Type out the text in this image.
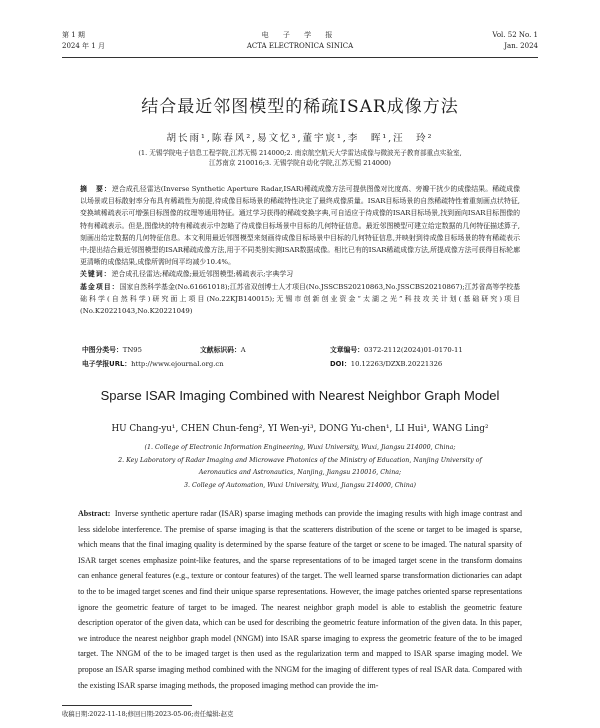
第 1 期
2024 年 1 月
电 子 学 报
ACTA ELECTRONICA SINICA
Vol. 52 No. 1
Jan. 2024
结合最近邻图模型的稀疏ISAR成像方法
胡长雨¹,陈春风²,易文忆³,董宇宸¹,李　晖¹,汪　玲²
(1. 无锡学院电子信息工程学院,江苏无锡 214000;2. 南京航空航天大学雷达成像与微波光子教育部重点实验室,
江苏南京 210016;3. 无锡学院自动化学院,江苏无锡 214000)
摘　要：逆合成孔径雷达(Inverse Synthetic Aperture Radar,ISAR)稀疏成像方法可提供图像对比度高、旁瓣干扰少的成像结果。稀疏成像以场景或目标散射率分布具有稀疏性为前提,待成像目标场景的稀疏特性决定了最终成像质量。ISAR目标场景的自然稀疏特性着重刻画点状特征,变换域稀疏表示可增强目标图像的纹理等通用特征。通过学习获得的稀疏变换字典,可自适应于待成像的ISAR目标场景,找到面向ISAR目标图像的特有稀疏表示。但是,图像块的特有稀疏表示中忽略了待成像目标场景中目标的几何特征信息。最近邻图模型可建立给定数据的几何特征描述算子,刻画出给定数据的几何特征信息。本文利用最近邻图模型来刻画待成像目标场景中目标的几何特征信息,并映射到待成像目标场景的特有稀疏表示中;提出结合最近邻图模型的ISAR稀疏成像方法,用于不同类别实测ISAR数据成像。相比已有的ISAR稀疏成像方法,所提成像方法可获得目标轮廓更清晰的成像结果,成像所需时间平均减少10.4%。
关键词：逆合成孔径雷达;稀疏成像;最近邻图模型;稀疏表示;字典学习
基金项目：国家自然科学基金(No.61661018);江苏省双创博士人才项目(No.JSSCBS20210863,No.JSSCBS20210867);江苏省高等学校基础科学(自然科学)研究面上项目(No.22KJB140015);无锡市创新创业资金“太湖之光”科技攻关计划(基础研究)项目(No.K20221043,No.K20221049)
中图分类号：TN95	文献标识码：A	文章编号：0372-2112(2024)01-0170-11
电子学报URL：http://www.ejournal.org.cn	DOI：10.12263/DZXB.20221326
Sparse ISAR Imaging Combined with Nearest Neighbor Graph Model
HU Chang-yu¹, CHEN Chun-feng², YI Wen-yi³, DONG Yu-chen¹, LI Hui¹, WANG Ling²
(1. College of Electronic Information Engineering, Wuxi University, Wuxi, Jiangsu 214000, China;
2. Key Laboratory of Radar Imaging and Microwave Photonics of the Ministry of Education, Nanjing University of
Aeronautics and Astronautics, Nanjing, Jiangsu 210016, China;
3. College of Automation, Wuxi University, Wuxi, Jiangsu 214000, China)
Abstract: Inverse synthetic aperture radar (ISAR) sparse imaging methods can provide the imaging results with high image contrast and less sidelobe interference. The premise of sparse imaging is that the scatterers distribution of the scene or target to be imaged is sparse, which means that the final imaging quality is determined by the sparse feature of the target or scene to be imaged. The natural sparsity of ISAR target scenes emphasize point-like features, and the sparse representations of to be imaged target scene in the transform domains can enhance general features (e.g., texture or contour features) of the target. The well learned sparse transformation dictionaries can adapt to the to be imaged target scenes and find their unique sparse representations. However, the image patches oriented sparse representations ignore the geometric feature of target to be imaged. The nearest neighbor graph model is able to establish the geometric feature description operator of the given data, which can be used for describing the geometric feature information of the given data. In this paper, we introduce the nearest neighbor graph model (NNGM) into ISAR sparse imaging to express the geometric feature of the to be imaged target. The NNGM of the to be imaged target is then used as the regularization term and mapped to ISAR sparse imaging model. We propose an ISAR sparse imaging method combined with the NNGM for the imaging of different types of real ISAR data. Compared with the existing ISAR sparse imaging methods, the proposed imaging method can provide the im-
收稿日期:2022-11-18;修回日期:2023-05-06;责任编辑:赵克
